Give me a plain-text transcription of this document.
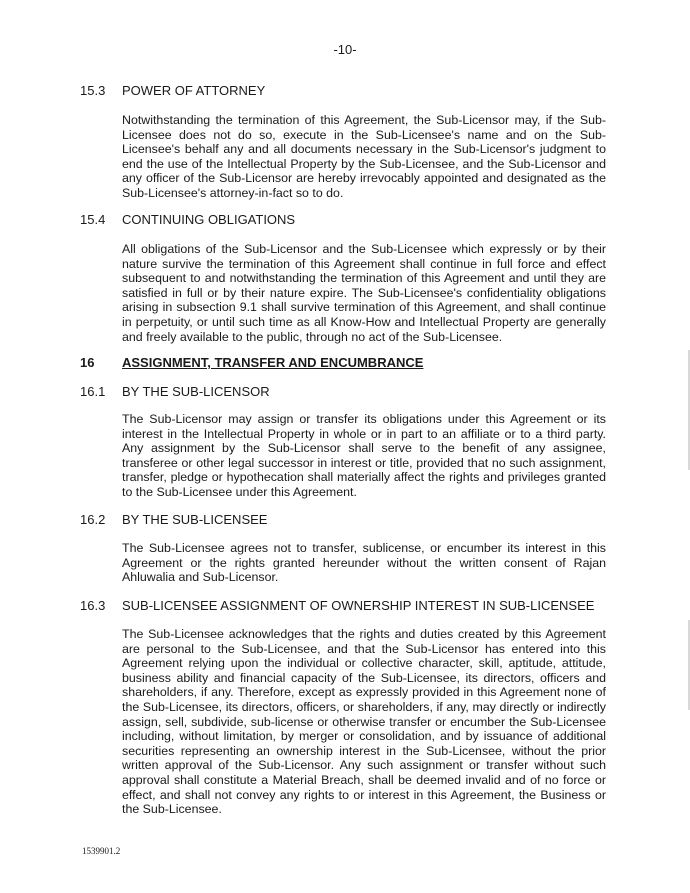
-10-
15.3 POWER OF ATTORNEY

Notwithstanding the termination of this Agreement, the Sub-Licensor may, if the Sub-Licensee does not do so, execute in the Sub-Licensee's name and on the Sub-Licensee's behalf any and all documents necessary in the Sub-Licensor's judgment to end the use of the Intellectual Property by the Sub-Licensee, and the Sub-Licensor and any officer of the Sub-Licensor are hereby irrevocably appointed and designated as the Sub-Licensee's attorney-in-fact so to do.

15.4 CONTINUING OBLIGATIONS

All obligations of the Sub-Licensor and the Sub-Licensee which expressly or by their nature survive the termination of this Agreement shall continue in full force and effect subsequent to and notwithstanding the termination of this Agreement and until they are satisfied in full or by their nature expire. The Sub-Licensee's confidentiality obligations arising in subsection 9.1 shall survive termination of this Agreement, and shall continue in perpetuity, or until such time as all Know-How and Intellectual Property are generally and freely available to the public, through no act of the Sub-Licensee.

16 ASSIGNMENT, TRANSFER AND ENCUMBRANCE
16.1 BY THE SUB-LICENSOR

The Sub-Licensor may assign or transfer its obligations under this Agreement or its interest in the Intellectual Property in whole or in part to an affiliate or to a third party. Any assignment by the Sub-Licensor shall serve to the benefit of any assignee, transferee or other legal successor in interest or title, provided that no such assignment, transfer, pledge or hypothecation shall materially affect the rights and privileges granted to the Sub-Licensee under this Agreement.

16.2 BY THE SUB-LICENSEE

The Sub-Licensee agrees not to transfer, sublicense, or encumber its interest in this Agreement or the rights granted hereunder without the written consent of Rajan Ahluwalia and Sub-Licensor.

16.3 SUB-LICENSEE ASSIGNMENT OF OWNERSHIP INTEREST IN SUB-LICENSEE

The Sub-Licensee acknowledges that the rights and duties created by this Agreement are personal to the Sub-Licensee, and that the Sub-Licensor has entered into this Agreement relying upon the individual or collective character, skill, aptitude, attitude, business ability and financial capacity of the Sub-Licensee, its directors, officers and shareholders, if any. Therefore, except as expressly provided in this Agreement none of the Sub-Licensee, its directors, officers, or shareholders, if any, may directly or indirectly assign, sell, subdivide, sub-license or otherwise transfer or encumber the Sub-Licensee including, without limitation, by merger or consolidation, and by issuance of additional securities representing an ownership interest in the Sub-Licensee, without the prior written approval of the Sub-Licensor. Any such assignment or transfer without such approval shall constitute a Material Breach, shall be deemed invalid and of no force or effect, and shall not convey any rights to or interest in this Agreement, the Business or the Sub-Licensee.

1539901.2
